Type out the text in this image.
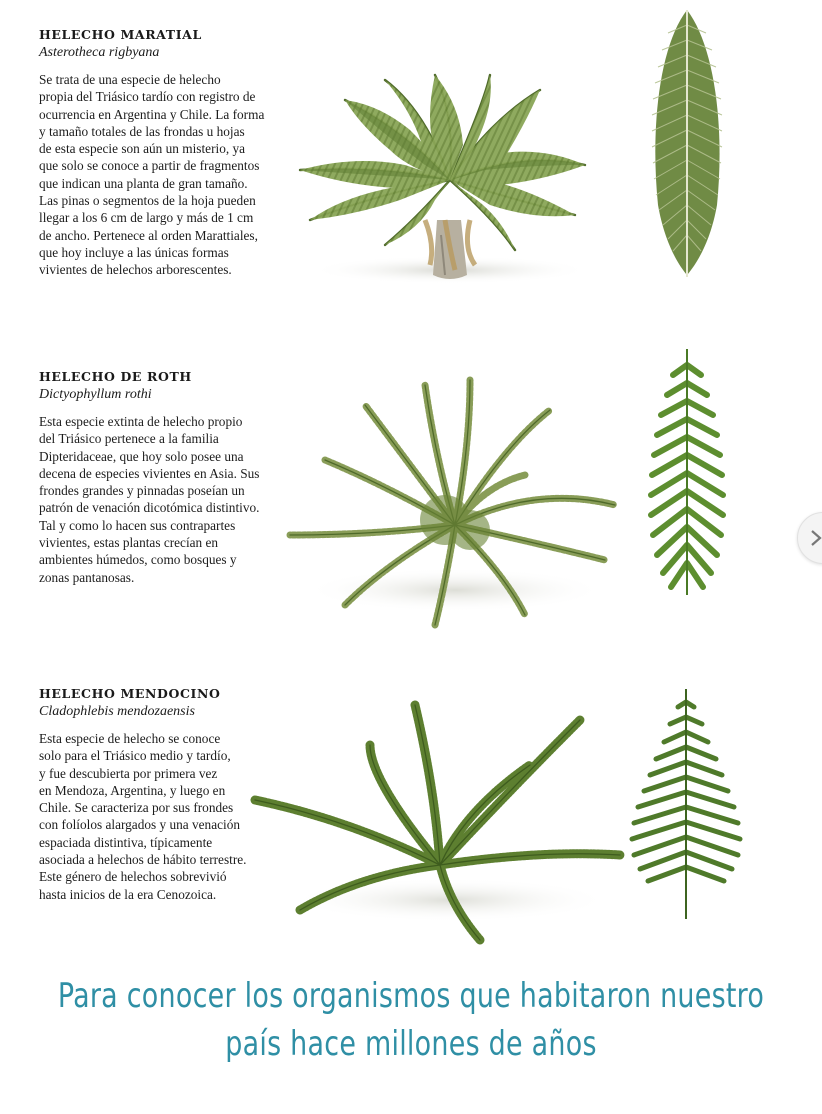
HELECHO MARATIAL
Asterotheca rigbyana

Se trata de una especie de helecho
propia del Triásico tardío con registro de
ocurrencia en Argentina y Chile. La forma
y tamaño totales de las frondas u hojas
de esta especie son aún un misterio, ya
que solo se conoce a partir de fragmentos
que indican una planta de gran tamaño.
Las pinas o segmentos de la hoja pueden
llegar a los 6 cm de largo y más de 1 cm
de ancho. Pertenece al orden Marattiales,
que hoy incluye a las únicas formas
vivientes de helechos arborescentes.

HELECHO DE ROTH
Dictyophyllum rothi

Esta especie extinta de helecho propio
del Triásico pertenece a la familia
Dipteridaceae, que hoy solo posee una
decena de especies vivientes en Asia. Sus
frondes grandes y pinnadas poseían un
patrón de venación dicotómica distintivo.
Tal y como lo hacen sus contrapartes
vivientes, estas plantas crecían en
ambientes húmedos, como bosques y
zonas pantanosas.

HELECHO MENDOCINO
Cladophlebis mendozaensis

Esta especie de helecho se conoce
solo para el Triásico medio y tardío,
y fue descubierta por primera vez
en Mendoza, Argentina, y luego en
Chile. Se caracteriza por sus frondes
con folíolos alargados y una venación
espaciada distintiva, típicamente
asociada a helechos de hábito terrestre.
Este género de helechos sobrevivió
hasta inicios de la era Cenozoica.

Para conocer los organismos que habitaron nuestro
país hace millones de años
